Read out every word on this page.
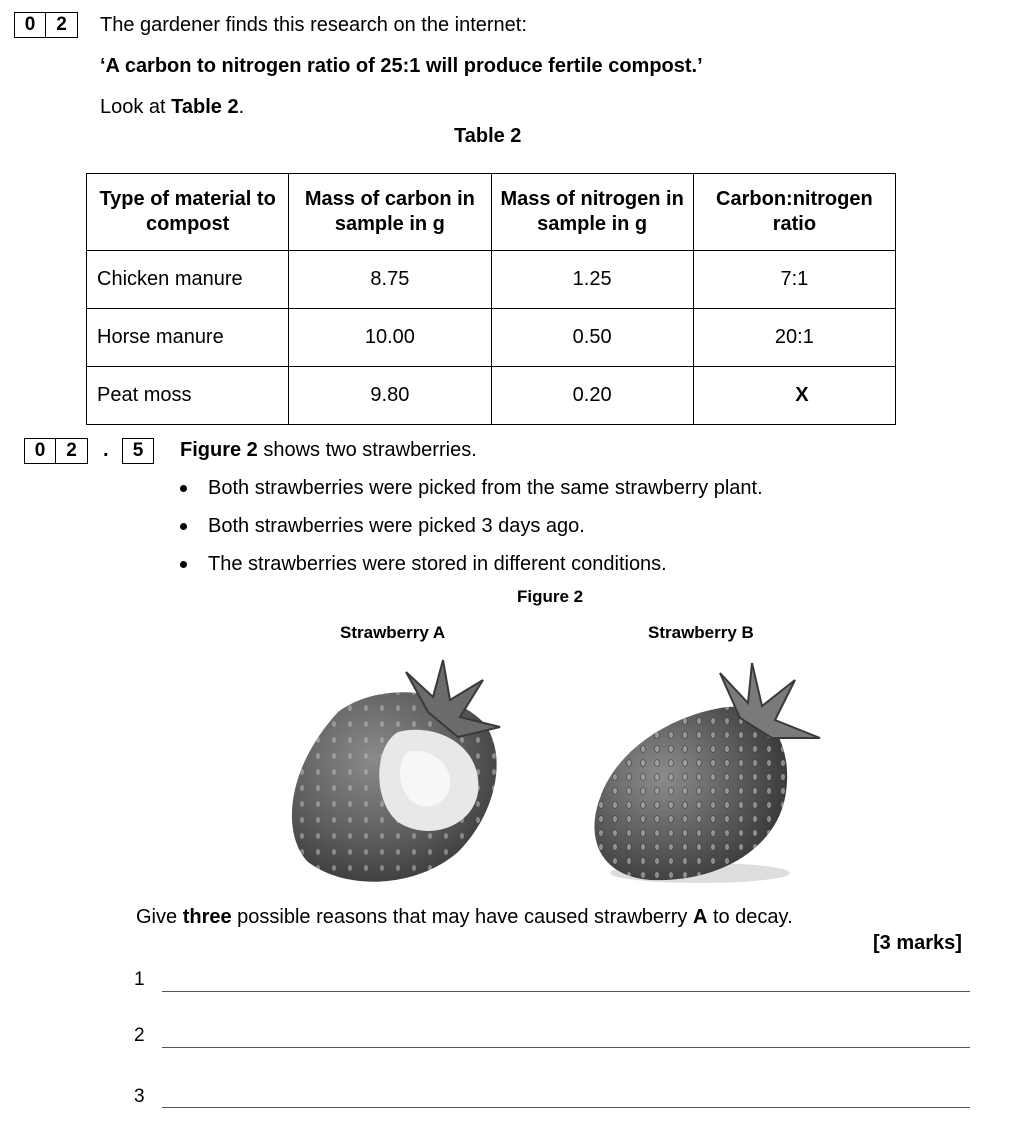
0	2	The gardener finds this research on the internet:
‘A carbon to nitrogen ratio of 25:1 will produce fertile compost.’
Look at Table 2.
Table 2
Type of material to compost	Mass of carbon in sample in g	Mass of nitrogen in sample in g	Carbon:nitrogen ratio
Chicken manure	8.75	1.25	7:1
Horse manure	10.00	0.50	20:1
Peat moss	9.80	0.20	X
0	2	.	5	Figure 2 shows two strawberries.
Both strawberries were picked from the same strawberry plant.
Both strawberries were picked 3 days ago.
The strawberries were stored in different conditions.
Figure 2
Strawberry A	Strawberry B
Give three possible reasons that may have caused strawberry A to decay.
[3 marks]
1
2
3
